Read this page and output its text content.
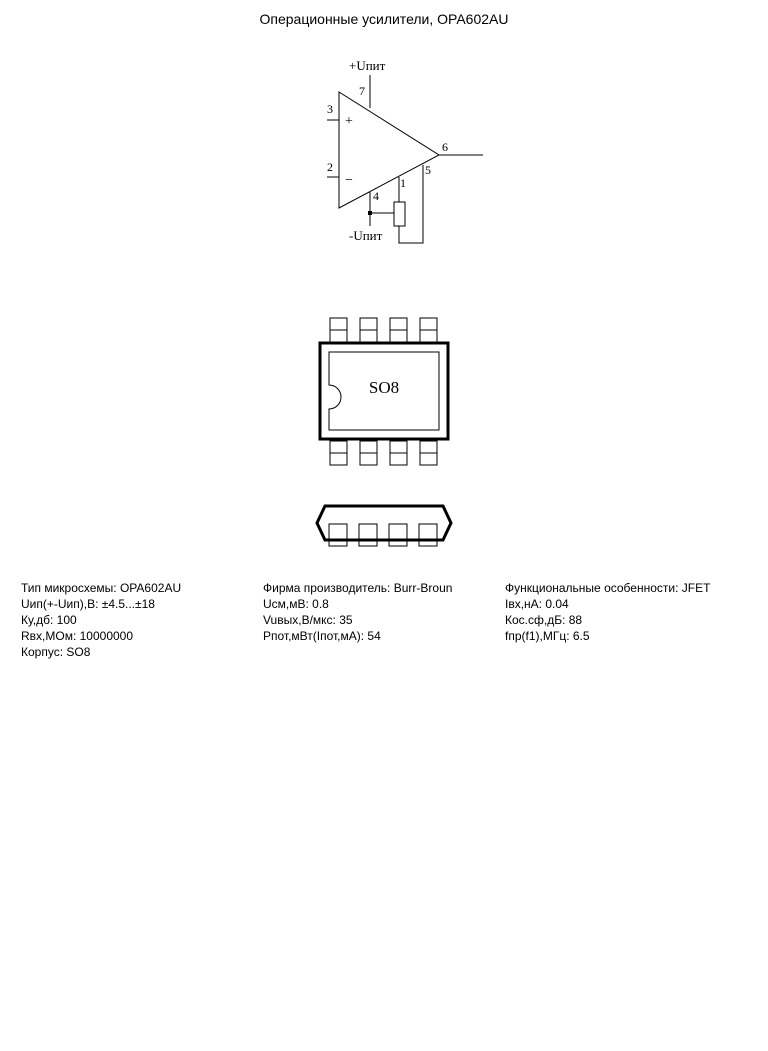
Операционные усилители, OPA602AU
+Uпит
-Uпит
+
−
7
3
2
6
4
1
5
SO8
Тип микросхемы: OPA602AU
Uип(+-Uип),В: ±4.5...±18
Ку,дб: 100
Rвх,МОм: 10000000
Корпус: SO8
Фирма производитель: Burr-Broun
Uсм,мВ: 0.8
Vuвых,В/мкс: 35
Pпот,мВт(Iпот,мА): 54
Функциональные особенности: JFET
Iвх,нА: 0.04
Кос.сф,дБ: 88
fпр(f1),МГц: 6.5
